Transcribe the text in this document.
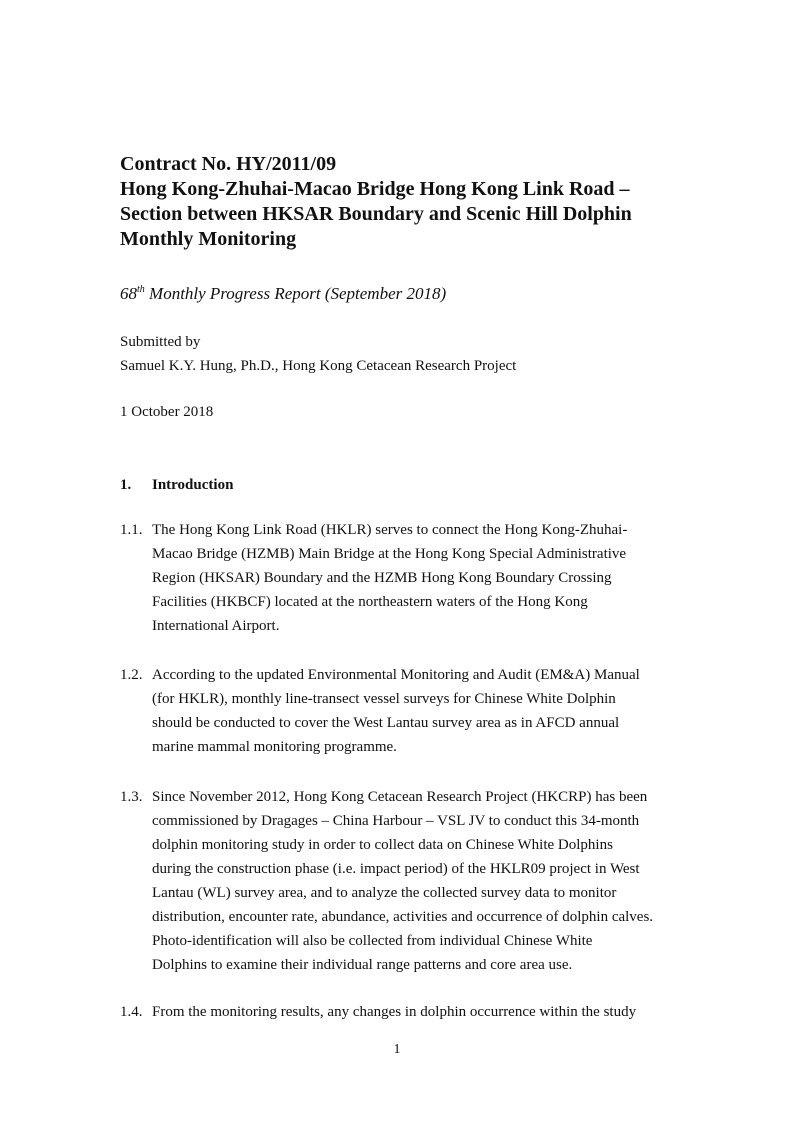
Contract No. HY/2011/09
Hong Kong-Zhuhai-Macao Bridge Hong Kong Link Road –
Section between HKSAR Boundary and Scenic Hill Dolphin
Monthly Monitoring
68th Monthly Progress Report (September 2018)
Submitted by
Samuel K.Y. Hung, Ph.D., Hong Kong Cetacean Research Project
1 October 2018
1. Introduction
1.1. The Hong Kong Link Road (HKLR) serves to connect the Hong Kong-Zhuhai-
Macao Bridge (HZMB) Main Bridge at the Hong Kong Special Administrative
Region (HKSAR) Boundary and the HZMB Hong Kong Boundary Crossing
Facilities (HKBCF) located at the northeastern waters of the Hong Kong
International Airport.
1.2. According to the updated Environmental Monitoring and Audit (EM&A) Manual
(for HKLR), monthly line-transect vessel surveys for Chinese White Dolphin
should be conducted to cover the West Lantau survey area as in AFCD annual
marine mammal monitoring programme.
1.3. Since November 2012, Hong Kong Cetacean Research Project (HKCRP) has been
commissioned by Dragages – China Harbour – VSL JV to conduct this 34-month
dolphin monitoring study in order to collect data on Chinese White Dolphins
during the construction phase (i.e. impact period) of the HKLR09 project in West
Lantau (WL) survey area, and to analyze the collected survey data to monitor
distribution, encounter rate, abundance, activities and occurrence of dolphin calves.
Photo-identification will also be collected from individual Chinese White
Dolphins to examine their individual range patterns and core area use.
1.4. From the monitoring results, any changes in dolphin occurrence within the study
1
